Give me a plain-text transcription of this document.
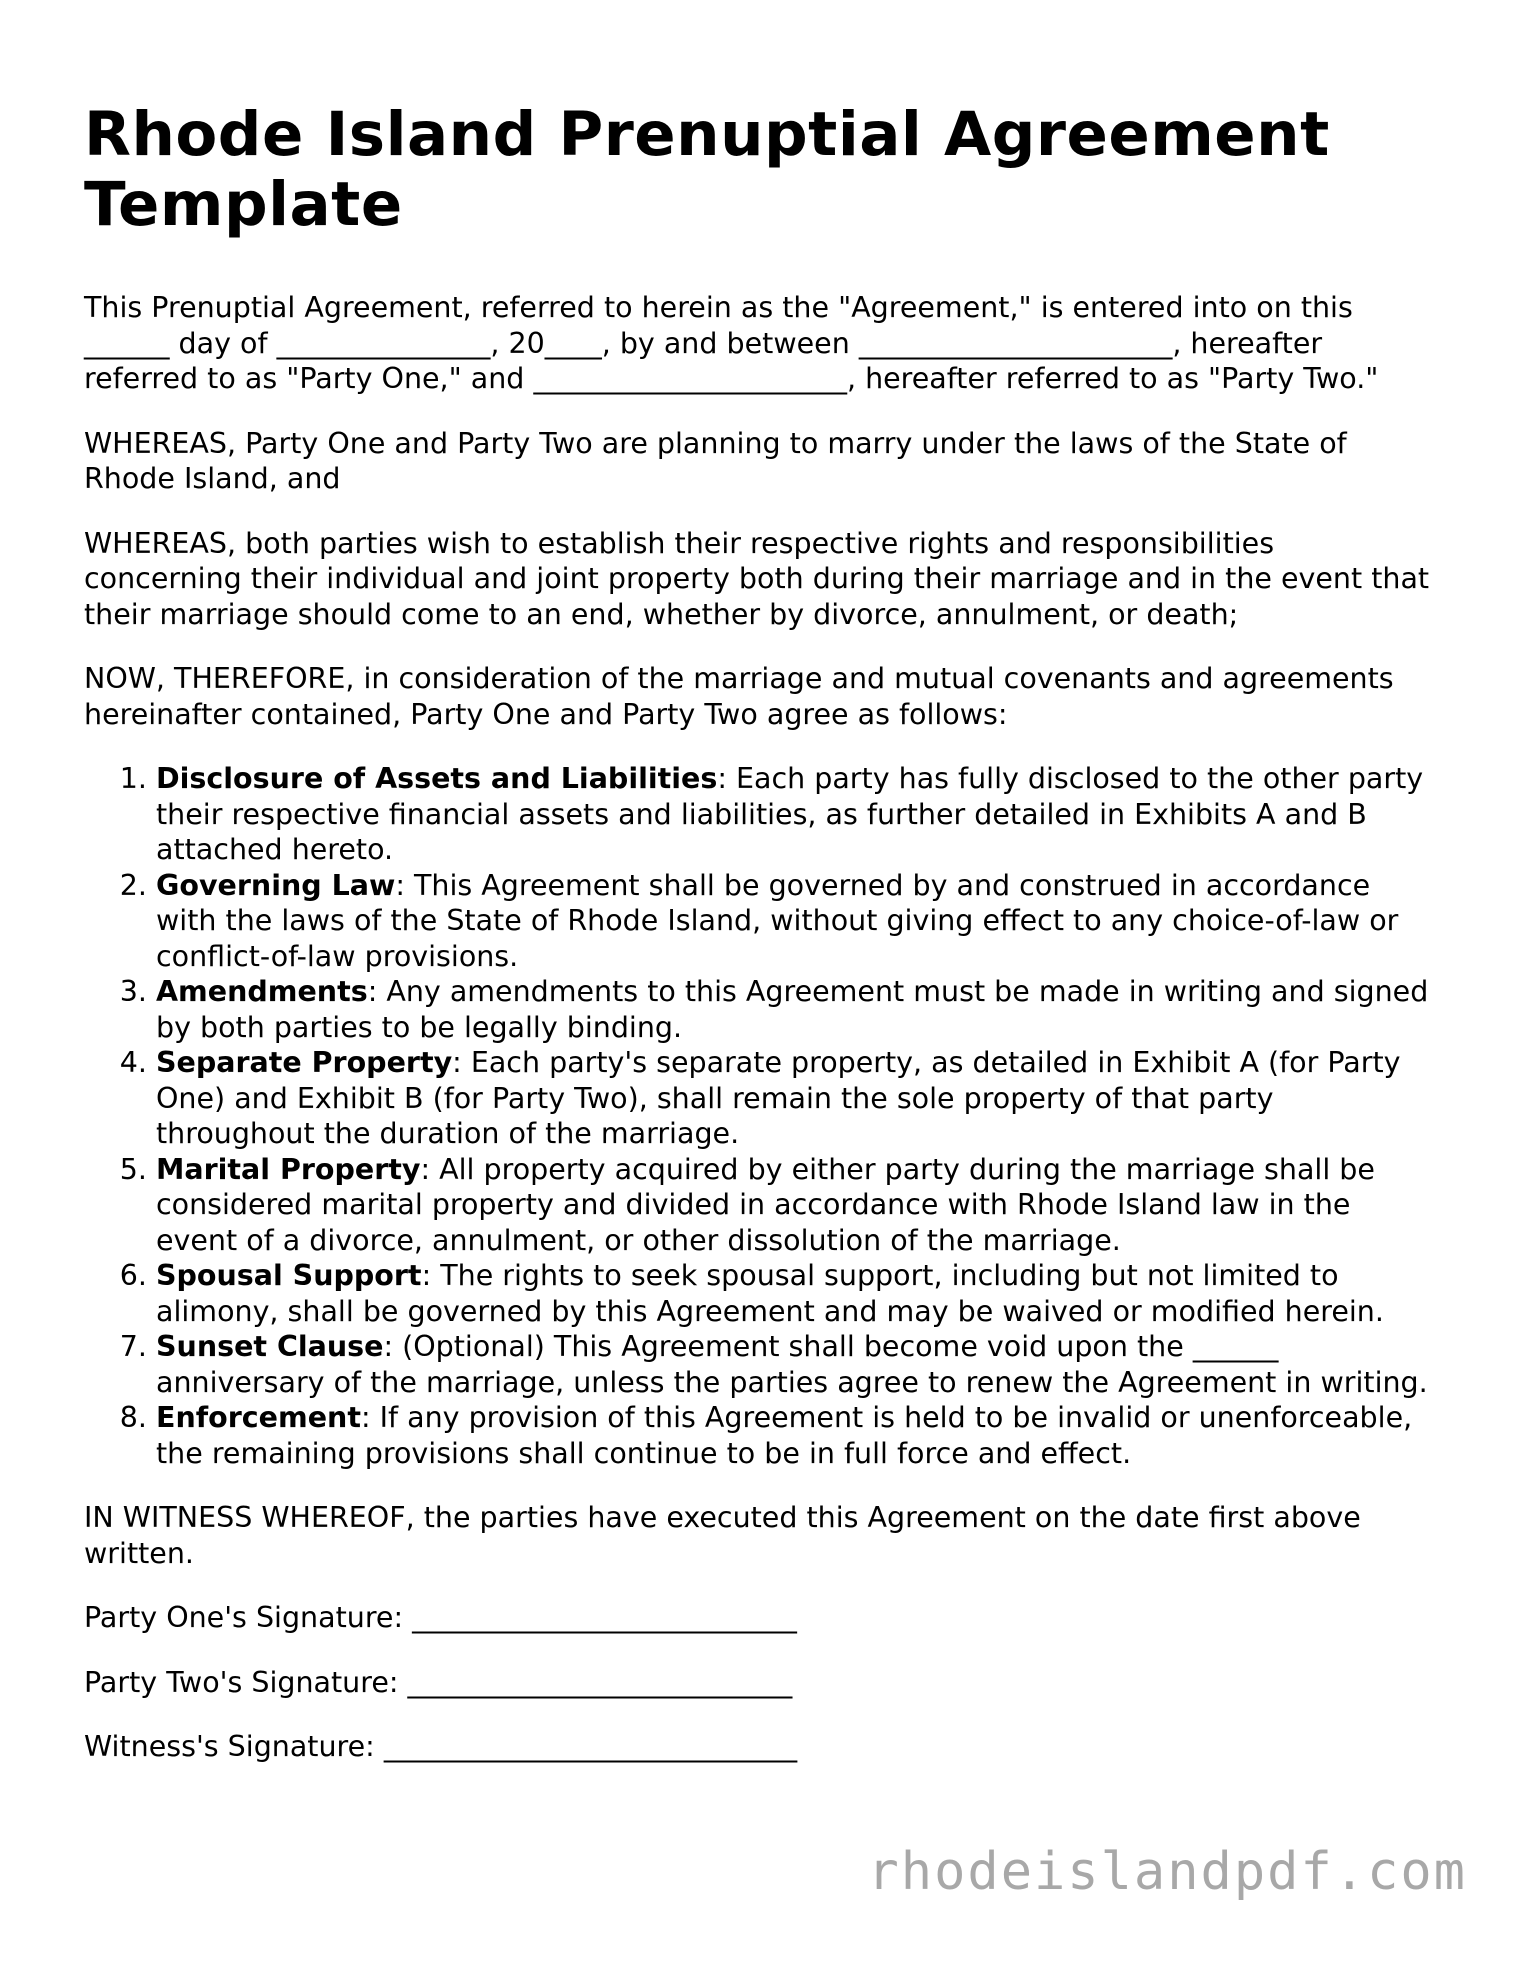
Rhode Island Prenuptial Agreement Template

This Prenuptial Agreement, referred to herein as the "Agreement," is entered into on this ______ day of _______________, 20____, by and between ______________________, hereafter referred to as "Party One," and ______________________, hereafter referred to as "Party Two."

WHEREAS, Party One and Party Two are planning to marry under the laws of the State of Rhode Island, and

WHEREAS, both parties wish to establish their respective rights and responsibilities concerning their individual and joint property both during their marriage and in the event that their marriage should come to an end, whether by divorce, annulment, or death;

NOW, THEREFORE, in consideration of the marriage and mutual covenants and agreements hereinafter contained, Party One and Party Two agree as follows:

1. Disclosure of Assets and Liabilities: Each party has fully disclosed to the other party their respective financial assets and liabilities, as further detailed in Exhibits A and B attached hereto.
2. Governing Law: This Agreement shall be governed by and construed in accordance with the laws of the State of Rhode Island, without giving effect to any choice-of-law or conflict-of-law provisions.
3. Amendments: Any amendments to this Agreement must be made in writing and signed by both parties to be legally binding.
4. Separate Property: Each party's separate property, as detailed in Exhibit A (for Party One) and Exhibit B (for Party Two), shall remain the sole property of that party throughout the duration of the marriage.
5. Marital Property: All property acquired by either party during the marriage shall be considered marital property and divided in accordance with Rhode Island law in the event of a divorce, annulment, or other dissolution of the marriage.
6. Spousal Support: The rights to seek spousal support, including but not limited to alimony, shall be governed by this Agreement and may be waived or modified herein.
7. Sunset Clause: (Optional) This Agreement shall become void upon the ______ anniversary of the marriage, unless the parties agree to renew the Agreement in writing.
8. Enforcement: If any provision of this Agreement is held to be invalid or unenforceable, the remaining provisions shall continue to be in full force and effect.

IN WITNESS WHEREOF, the parties have executed this Agreement on the date first above written.

Party One's Signature: ___________________________

Party Two's Signature: ___________________________

Witness's Signature: _____________________________

rhodeislandpdf.com
